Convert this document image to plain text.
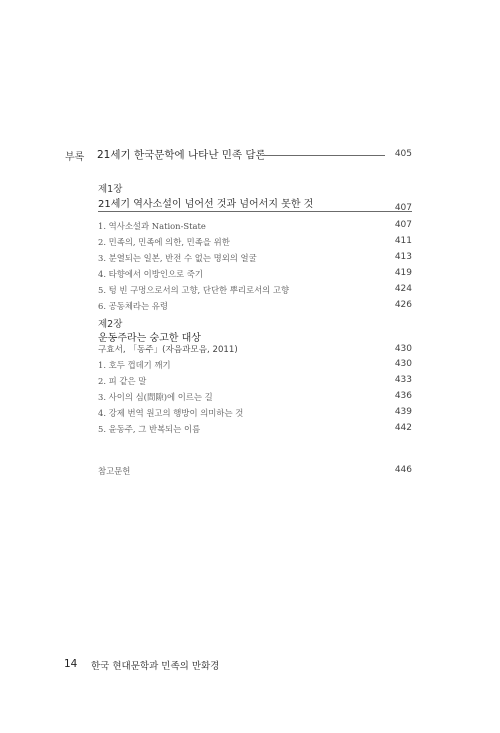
부록 21세기 한국문학에 나타난 민족 담론	405
제1장
21세기 역사소설이 넘어선 것과 넘어서지 못한 것	407
1. 역사소설과 Nation-State	407
2. 민족의, 민족에 의한, 민족을 위한	411
3. 분열되는 일본, 반전 수 없는 명외의 얼굴	413
4. 타향에서 이방인으로 죽기	419
5. 텅 빈 구멍으로서의 고향, 단단한 뿌리로서의 고향	424
6. 공동체라는 유령	426
제2장
운동주라는 숭고한 대상
구효서, 「동주」(자음과모음, 2011)	430
1. 호두 껍데기 깨기	430
2. 피 같은 말	433
3. 사이의 심(間隙)에 이르는 길	436
4. 강제 번역 원고의 행방이 의미하는 것	439
5. 윤동주, 그 반복되는 이름	442
참고문헌	446
14 한국 현대문학과 민족의 만화경
